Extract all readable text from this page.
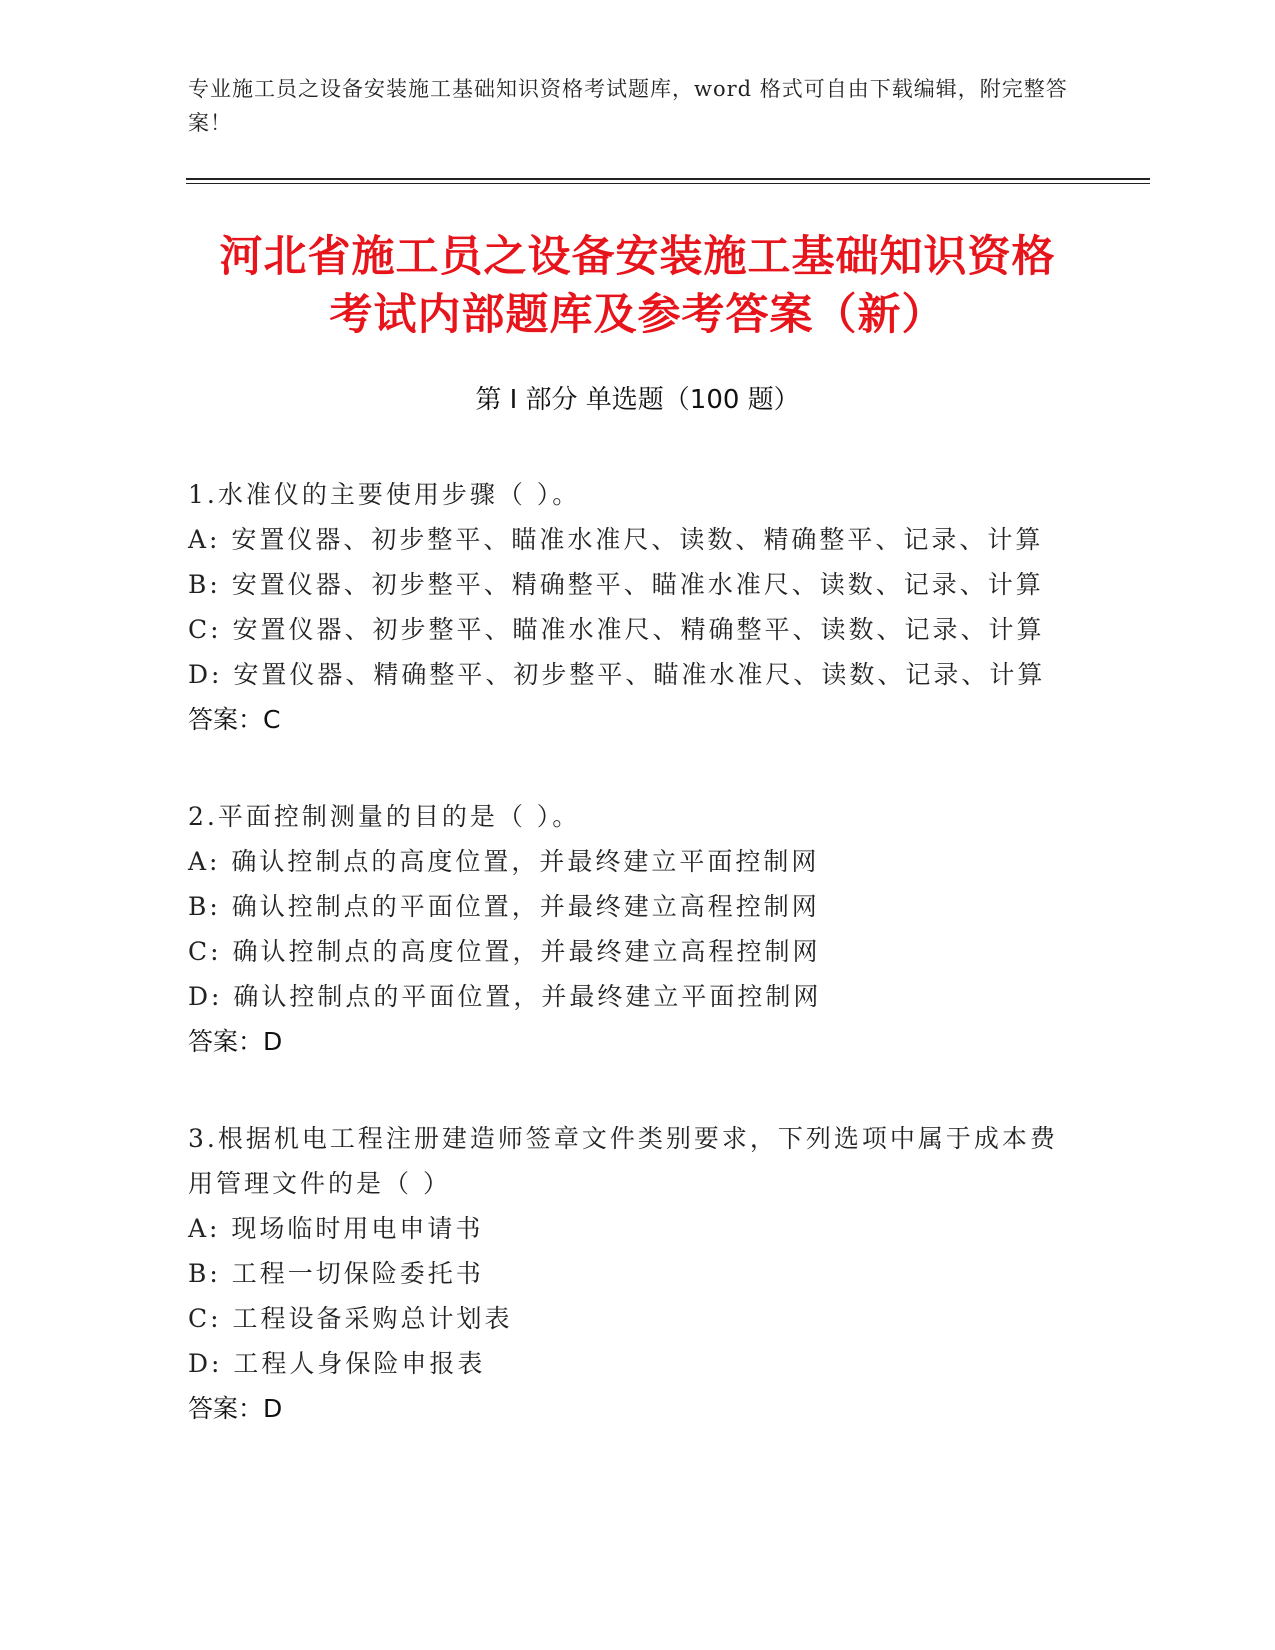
专业施工员之设备安装施工基础知识资格考试题库，word 格式可自由下载编辑，附完整答案！
河北省施工员之设备安装施工基础知识资格
考试内部题库及参考答案（新）
第 I 部分 单选题（100 题）
1.水准仪的主要使用步骤（ ）。
A: 安置仪器、初步整平、瞄准水准尺、读数、精确整平、记录、计算
B: 安置仪器、初步整平、精确整平、瞄准水准尺、读数、记录、计算
C: 安置仪器、初步整平、瞄准水准尺、精确整平、读数、记录、计算
D: 安置仪器、精确整平、初步整平、瞄准水准尺、读数、记录、计算
答案：C
2.平面控制测量的目的是（ ）。
A: 确认控制点的高度位置，并最终建立平面控制网
B: 确认控制点的平面位置，并最终建立高程控制网
C: 确认控制点的高度位置，并最终建立高程控制网
D: 确认控制点的平面位置，并最终建立平面控制网
答案：D
3.根据机电工程注册建造师签章文件类别要求，下列选项中属于成本费用管理文件的是（ ）
A: 现场临时用电申请书
B: 工程一切保险委托书
C: 工程设备采购总计划表
D: 工程人身保险申报表
答案：D
